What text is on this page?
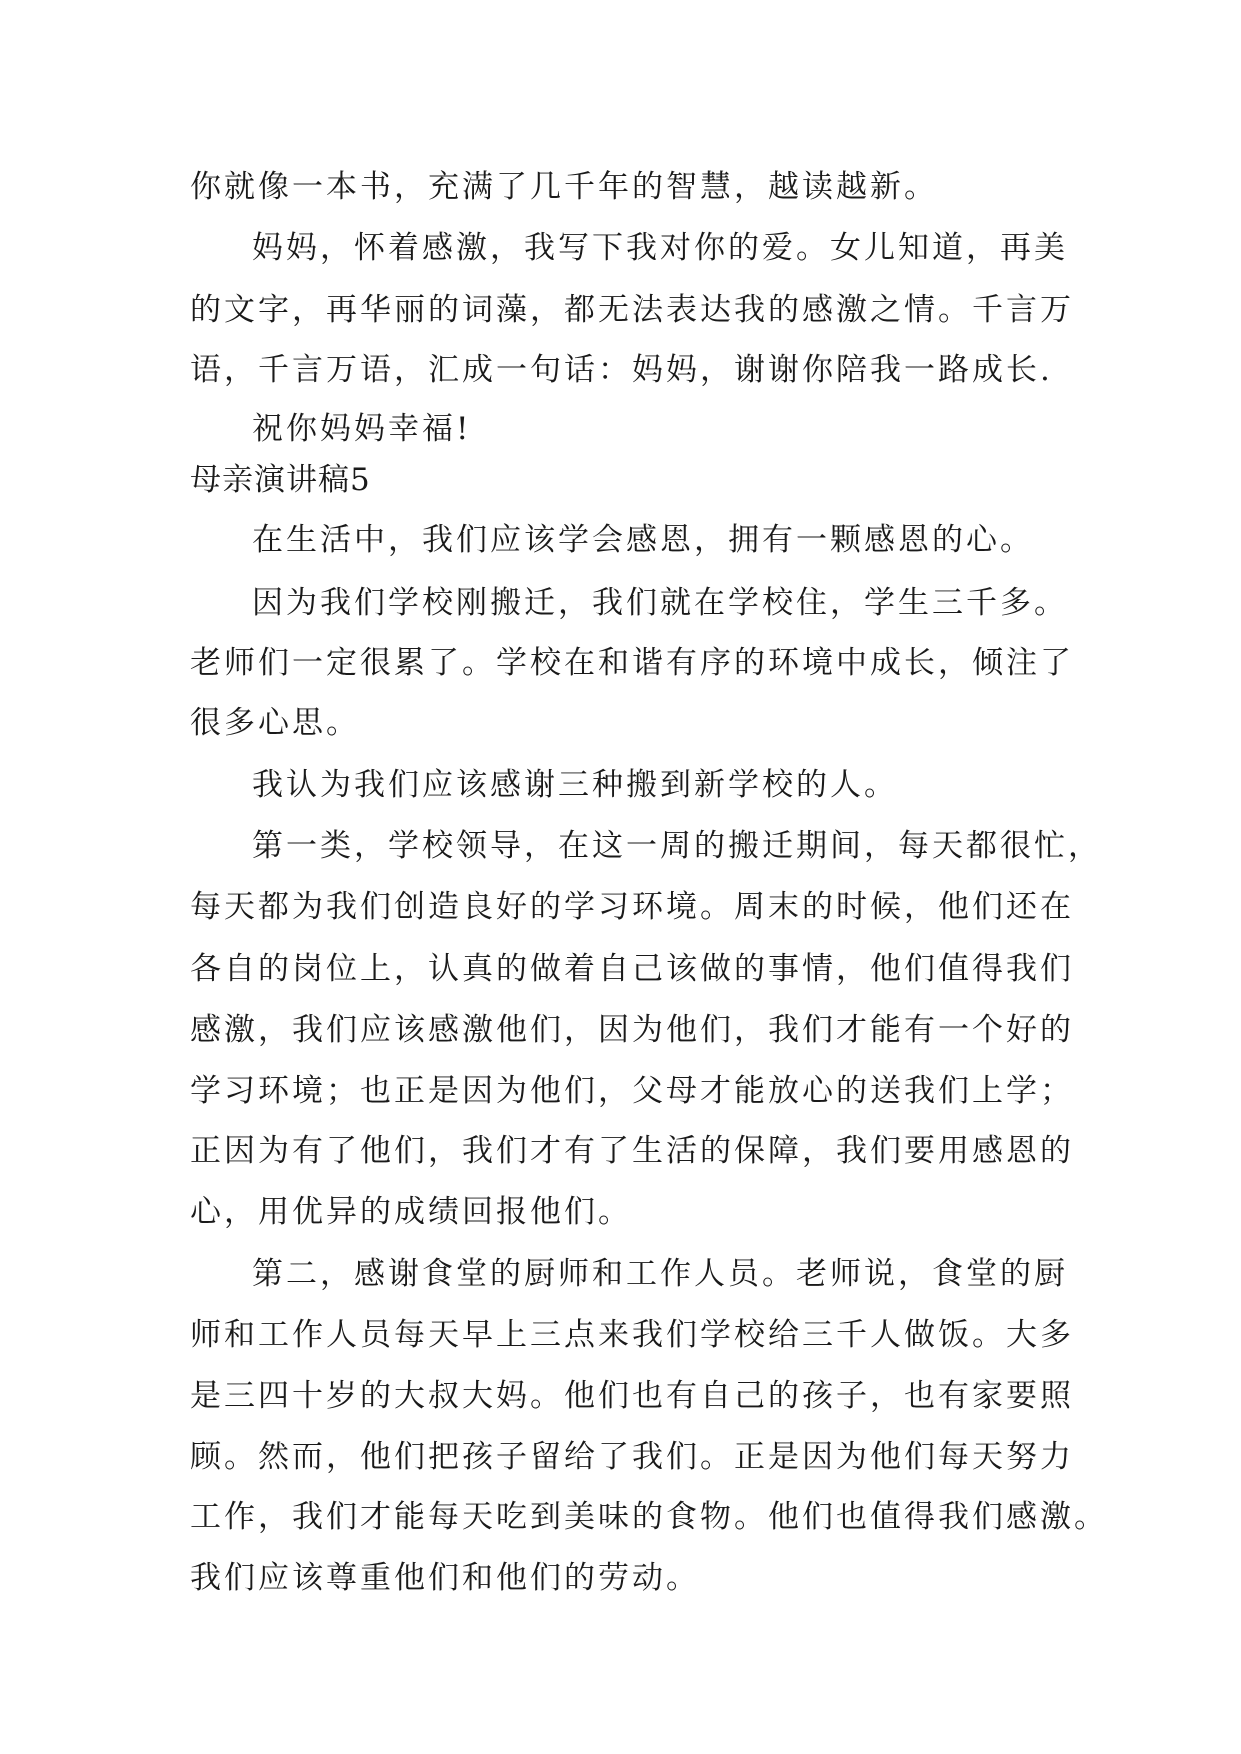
你就像一本书，充满了几千年的智慧，越读越新。
妈妈，怀着感激，我写下我对你的爱。女儿知道，再美
的文字，再华丽的词藻，都无法表达我的感激之情。千言万
语，千言万语，汇成一句话：妈妈，谢谢你陪我一路成长.
祝你妈妈幸福!
母亲演讲稿5
在生活中，我们应该学会感恩，拥有一颗感恩的心。
因为我们学校刚搬迁，我们就在学校住，学生三千多。
老师们一定很累了。学校在和谐有序的环境中成长，倾注了
很多心思。
我认为我们应该感谢三种搬到新学校的人。
第一类，学校领导，在这一周的搬迁期间，每天都很忙，
每天都为我们创造良好的学习环境。周末的时候，他们还在
各自的岗位上，认真的做着自己该做的事情，他们值得我们
感激，我们应该感激他们，因为他们，我们才能有一个好的
学习环境；也正是因为他们，父母才能放心的送我们上学；
正因为有了他们，我们才有了生活的保障，我们要用感恩的
心，用优异的成绩回报他们。
第二，感谢食堂的厨师和工作人员。老师说，食堂的厨
师和工作人员每天早上三点来我们学校给三千人做饭。大多
是三四十岁的大叔大妈。他们也有自己的孩子，也有家要照
顾。然而，他们把孩子留给了我们。正是因为他们每天努力
工作，我们才能每天吃到美味的食物。他们也值得我们感激。
我们应该尊重他们和他们的劳动。
